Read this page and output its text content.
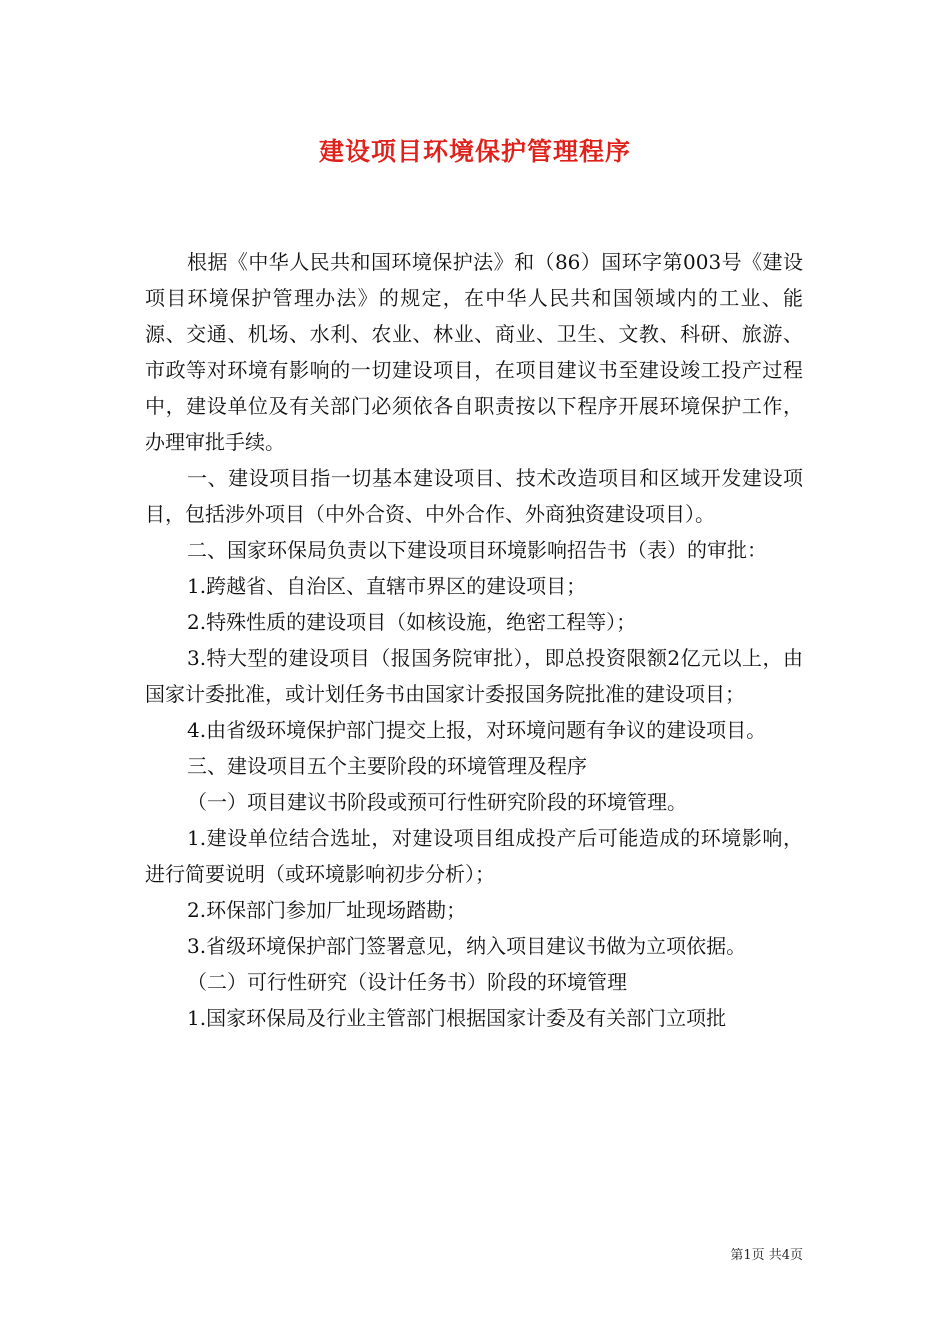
建设项目环境保护管理程序

根据《中华人民共和国环境保护法》和（86）国环字第003号《建设项目环境保护管理办法》的规定，在中华人民共和国领域内的工业、能源、交通、机场、水利、农业、林业、商业、卫生、文教、科研、旅游、市政等对环境有影响的一切建设项目，在项目建议书至建设竣工投产过程中，建设单位及有关部门必须依各自职责按以下程序开展环境保护工作，办理审批手续。

一、建设项目指一切基本建设项目、技术改造项目和区域开发建设项目，包括涉外项目（中外合资、中外合作、外商独资建设项目）。

二、国家环保局负责以下建设项目环境影响招告书（表）的审批：

1.跨越省、自治区、直辖市界区的建设项目；

2.特殊性质的建设项目（如核设施，绝密工程等）；

3.特大型的建设项目（报国务院审批），即总投资限额2亿元以上，由国家计委批准，或计划任务书由国家计委报国务院批准的建设项目；

4.由省级环境保护部门提交上报，对环境问题有争议的建设项目。

三、建设项目五个主要阶段的环境管理及程序

（一）项目建议书阶段或预可行性研究阶段的环境管理。

1.建设单位结合选址，对建设项目组成投产后可能造成的环境影响，进行简要说明（或环境影响初步分析）；

2.环保部门参加厂址现场踏勘；

3.省级环境保护部门签署意见，纳入项目建议书做为立项依据。

（二）可行性研究（设计任务书）阶段的环境管理

1.国家环保局及行业主管部门根据国家计委及有关部门立项批

第1页 共4页
